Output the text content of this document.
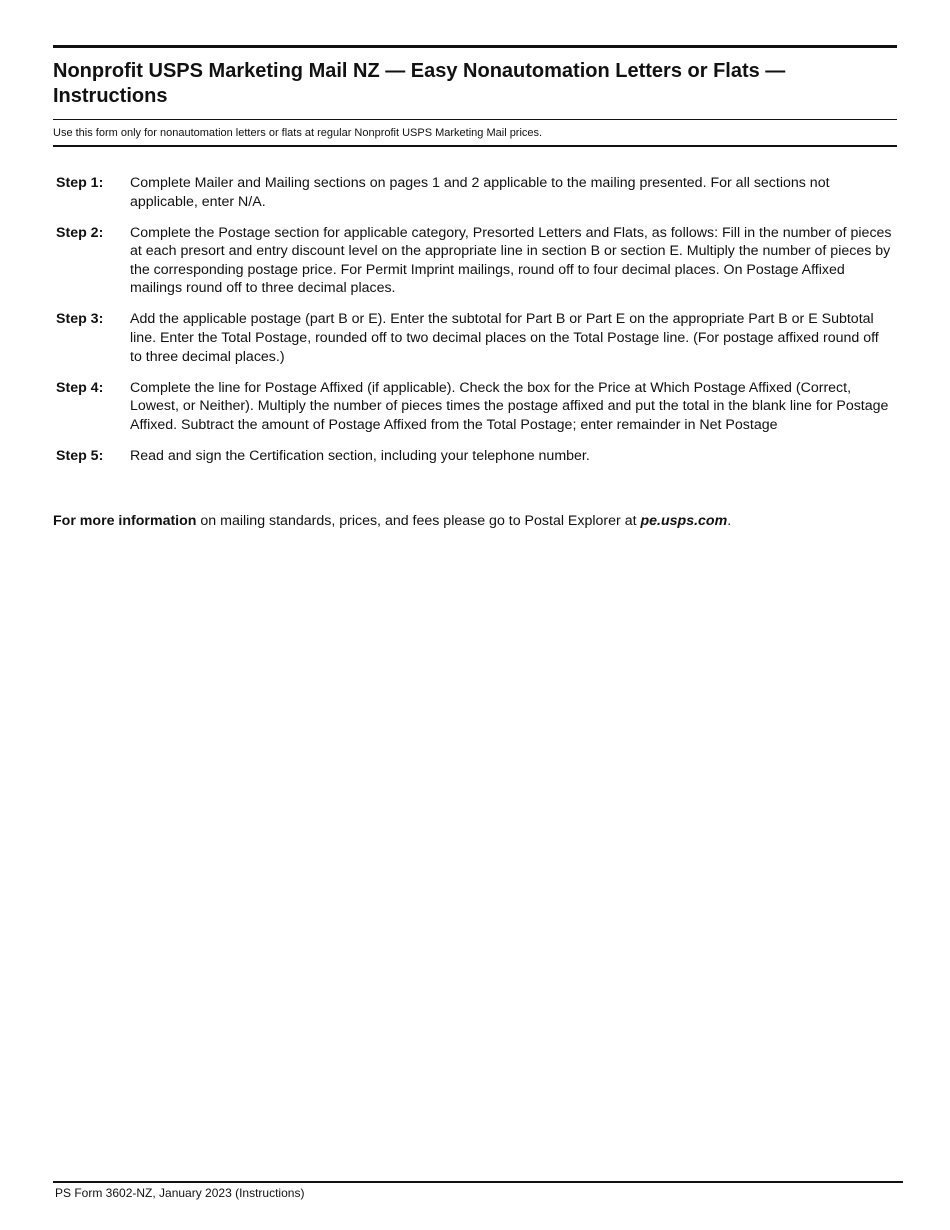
Nonprofit USPS Marketing Mail NZ — Easy Nonautomation Letters or Flats — Instructions

Use this form only for nonautomation letters or flats at regular Nonprofit USPS Marketing Mail prices.

Step 1:	Complete Mailer and Mailing sections on pages 1 and 2 applicable to the mailing presented. For all sections not applicable, enter N/A.
Step 2:	Complete the Postage section for applicable category, Presorted Letters and Flats, as follows: Fill in the number of pieces at each presort and entry discount level on the appropriate line in section B or section E. Multiply the number of pieces by the corresponding postage price. For Permit Imprint mailings, round off to four decimal places. On Postage Affixed mailings round off to three decimal places.
Step 3:	Add the applicable postage (part B or E). Enter the subtotal for Part B or Part E on the appropriate Part B or E Subtotal line. Enter the Total Postage, rounded off to two decimal places on the Total Postage line. (For postage affixed round off to three decimal places.)
Step 4:	Complete the line for Postage Affixed (if applicable). Check the box for the Price at Which Postage Affixed (Correct, Lowest, or Neither). Multiply the number of pieces times the postage affixed and put the total in the blank line for Postage Affixed. Subtract the amount of Postage Affixed from the Total Postage; enter remainder in Net Postage
Step 5:	Read and sign the Certification section, including your telephone number.

For more information on mailing standards, prices, and fees please go to Postal Explorer at pe.usps.com.

PS Form 3602-NZ, January 2023 (Instructions)
